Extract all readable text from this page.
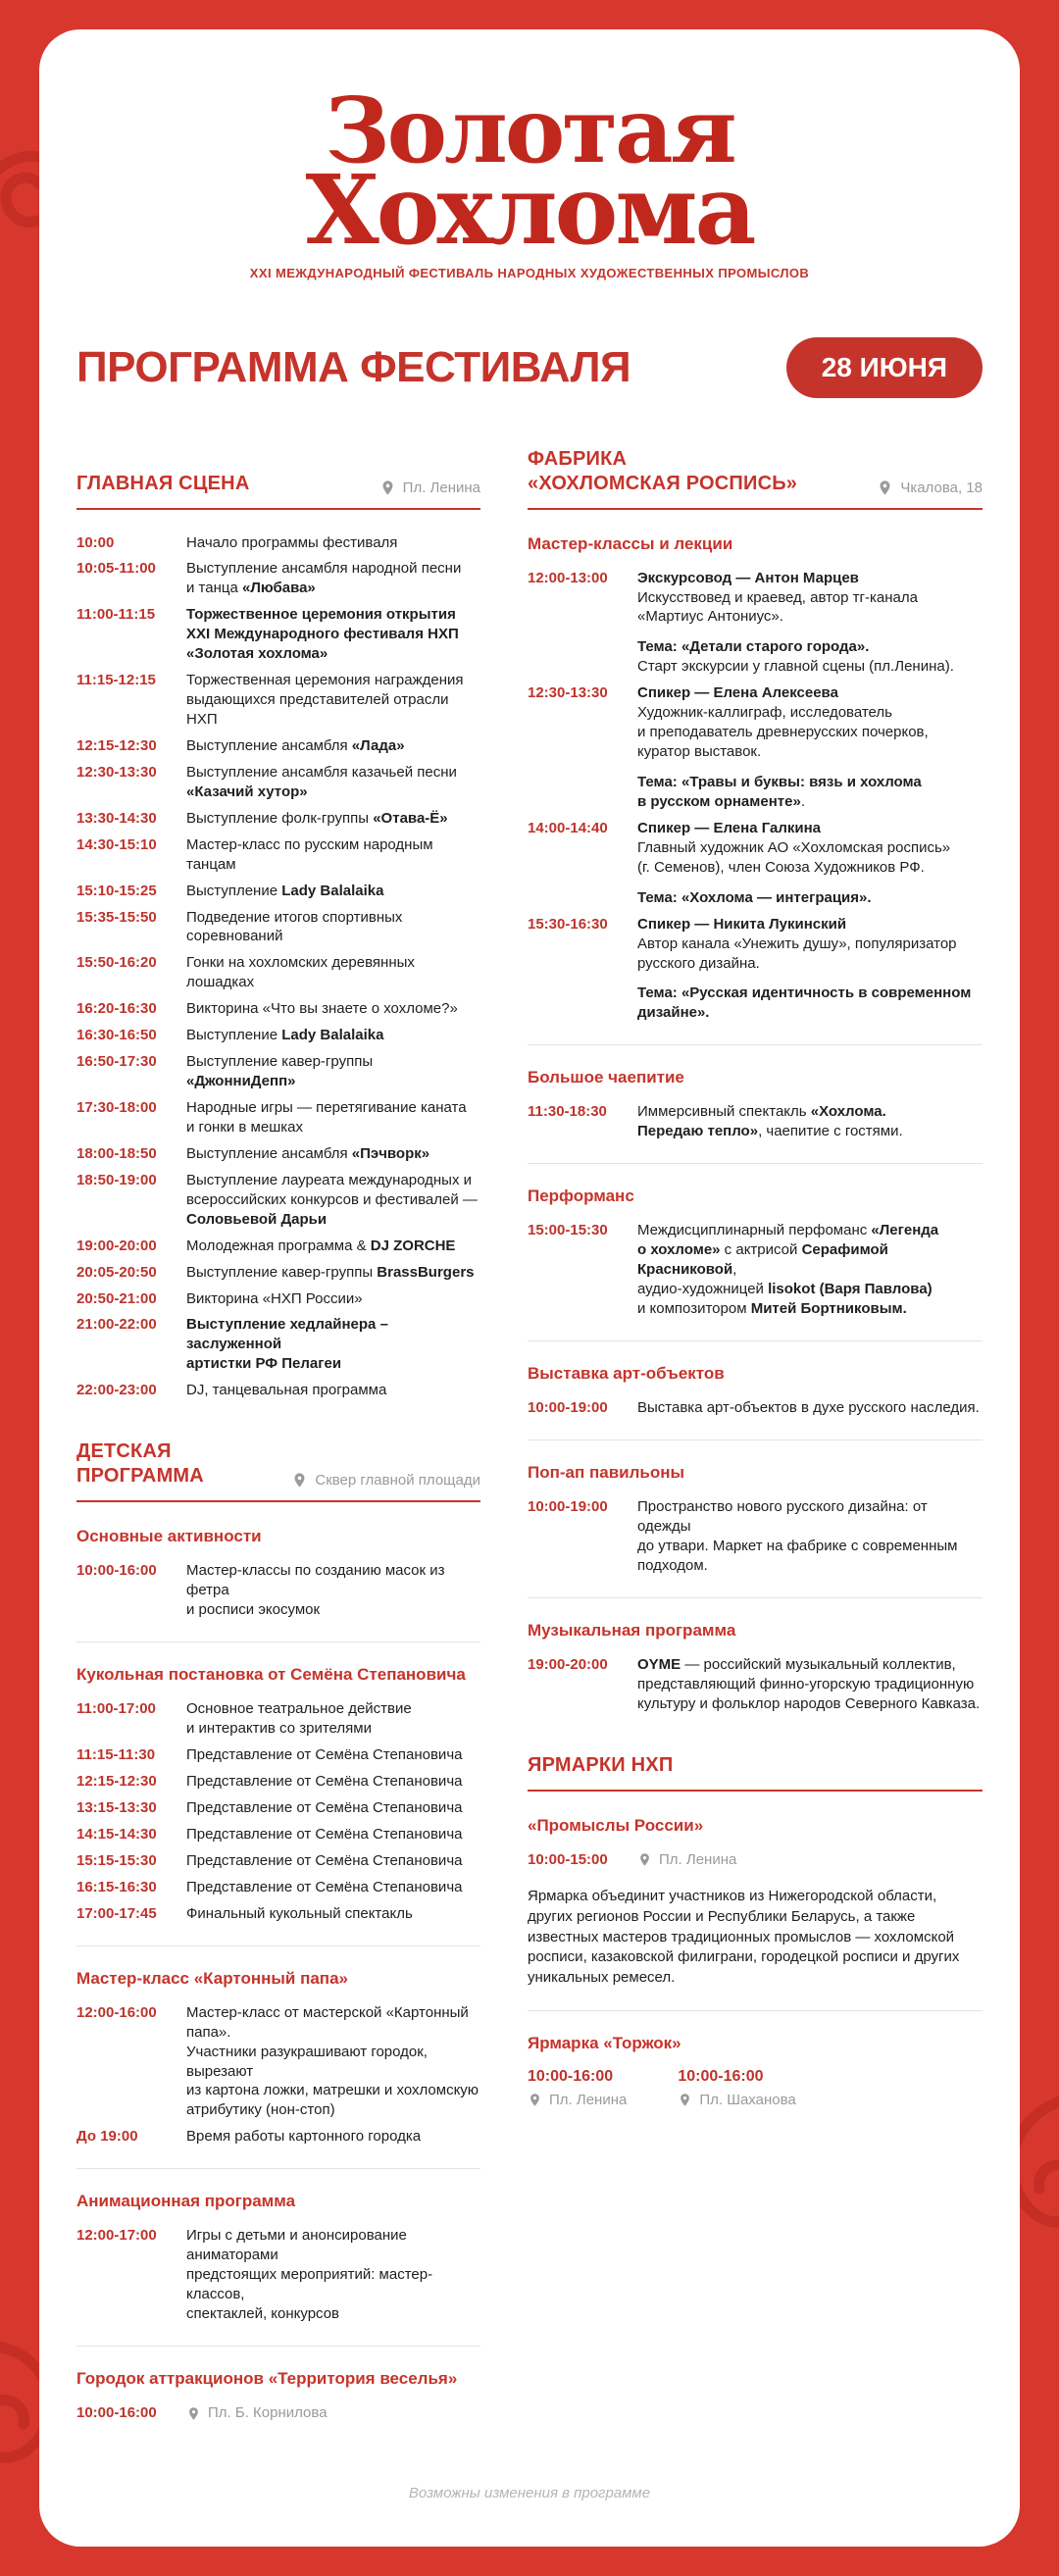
Золотая
Хохлома
XXI МЕЖДУНАРОДНЫЙ ФЕСТИВАЛЬ НАРОДНЫХ ХУДОЖЕСТВЕННЫХ ПРОМЫСЛОВ
ПРОГРАММА ФЕСТИВАЛЯ	28 ИЮНЯ
ГЛАВНАЯ СЦЕНА	Пл. Ленина
10:00	Начало программы фестиваля
10:05-11:00	Выступление ансамбля народной песни
и танца «Любава»
11:00-11:15	Торжественное церемония открытия
XXI Международного фестиваля НХП
«Золотая хохлома»
11:15-12:15	Торжественная церемония награждения
выдающихся представителей отрасли НХП
12:15-12:30	Выступление ансамбля «Лада»
12:30-13:30	Выступление ансамбля казачьей песни
«Казачий хутор»
13:30-14:30	Выступление фолк-группы «Отава-Ё»
14:30-15:10	Мастер-класс по русским народным танцам
15:10-15:25	Выступление Lady Balalaika
15:35-15:50	Подведение итогов спортивных соревнований
15:50-16:20	Гонки на хохломских деревянных лошадках
16:20-16:30	Викторина «Что вы знаете о хохломе?»
16:30-16:50	Выступление Lady Balalaika
16:50-17:30	Выступление кавер-группы «ДжонниДепп»
17:30-18:00	Народные игры — перетягивание каната
и гонки в мешках
18:00-18:50	Выступление ансамбля «Пэчворк»
18:50-19:00	Выступление лауреата международных и
всероссийских конкурсов и фестивалей —
Соловьевой Дарьи
19:00-20:00	Молодежная программа & DJ ZORCHE
20:05-20:50	Выступление кавер-группы BrassBurgers
20:50-21:00	Викторина «НХП России»
21:00-22:00	Выступление хедлайнера – заслуженной
артистки РФ Пелагеи
22:00-23:00	DJ, танцевальная программа
ДЕТСКАЯ ПРОГРАММА	Сквер главной площади
Основные активности
10:00-16:00	Мастер-классы по созданию масок из фетра
и росписи экосумок
Кукольная постановка от Семёна Степановича
11:00-17:00	Основное театральное действие
и интерактив со зрителями
11:15-11:30	Представление от Семёна Степановича
12:15-12:30	Представление от Семёна Степановича
13:15-13:30	Представление от Семёна Степановича
14:15-14:30	Представление от Семёна Степановича
15:15-15:30	Представление от Семёна Степановича
16:15-16:30	Представление от Семёна Степановича
17:00-17:45	Финальный кукольный спектакль
Мастер-класс «Картонный папа»
12:00-16:00	Мастер-класс от мастерской «Картонный папа».
Участники разукрашивают городок, вырезают
из картона ложки, матрешки и хохломскую
атрибутику (нон-стоп)
До 19:00	Время работы картонного городка
Анимационная программа
12:00-17:00	Игры с детьми и анонсирование аниматорами
предстоящих мероприятий: мастер-классов,
спектаклей, конкурсов
Городок аттракционов «Территория веселья»
10:00-16:00	Пл. Б. Корнилова
ФАБРИКА
«ХОХЛОМСКАЯ РОСПИСЬ»	Чкалова, 18
Мастер-классы и лекции
12:00-13:00	Экскурсовод — Антон Марцев
Искусствовед и краевед, автор тг-канала
«Мартиус Антониус».

Тема: «Детали старого города».
Старт экскурсии у главной сцены (пл.Ленина).

12:30-13:30	Спикер — Елена Алексеева
Художник-каллиграф, исследователь
и преподаватель древнерусских почерков,
куратор выставок.

Тема: «Травы и буквы: вязь и хохлома
в русском орнаменте».

14:00-14:40	Спикер — Елена Галкина
Главный художник АО «Хохломская роспись»
(г. Семенов), член Союза Художников РФ.

Тема: «Хохлома — интеграция».

15:30-16:30	Спикер — Никита Лукинский
Автор канала «Унежить душу», популяризатор
русского дизайна.

Тема: «Русская идентичность в современном
дизайне».

Большое чаепитие
11:30-18:30	Иммерсивный спектакль «Хохлома.
Передаю тепло», чаепитие с гостями.
Перформанс
15:00-15:30	Междисциплинарный перфоманс «Легенда
о хохломе» с актрисой Серафимой Красниковой,
аудио-художницей lisokot (Варя Павлова)
и композитором Митей Бортниковым.
Выставка арт-объектов
10:00-19:00	Выставка арт-объектов в духе русского наследия.
Поп-ап павильоны
10:00-19:00	Пространство нового русского дизайна: от одежды
до утвари. Маркет на фабрике с современным
подходом.
Музыкальная программа
19:00-20:00	OYME — российский музыкальный коллектив,
представляющий финно-угорскую традиционную
культуру и фольклор народов Северного Кавказа.
ЯРМАРКИ НХП
«Промыслы России»
10:00-15:00	Пл. Ленина
Ярмарка объединит участников из Нижегородской области,
других регионов России и Республики Беларусь, а также
известных мастеров традиционных промыслов — хохломской
росписи, казаковской филиграни, городецкой росписи и других
уникальных ремесел.
Ярмарка «Торжок»
10:00-16:00
Пл. Ленина
10:00-16:00
Пл. Шаханова
Возможны изменения в программе
